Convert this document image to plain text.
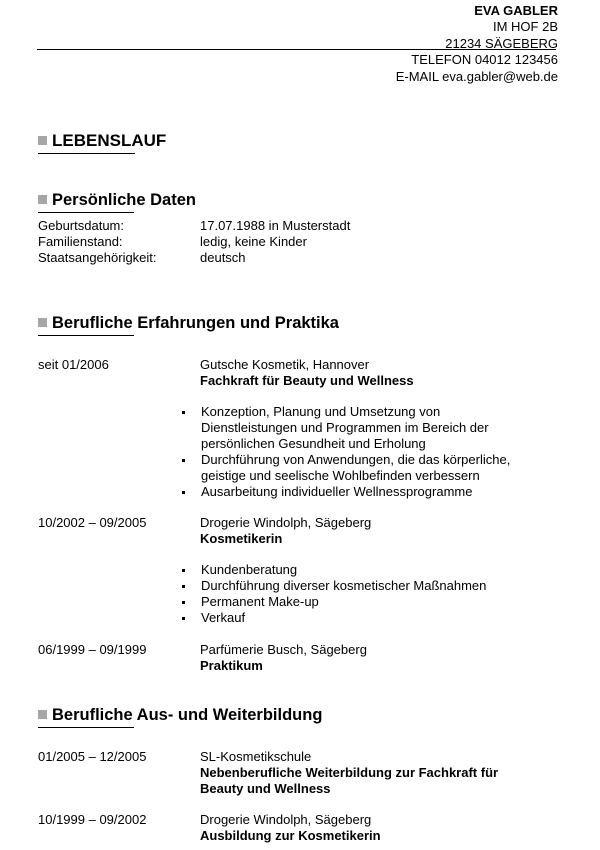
EVA GABLER
IM HOF 2B
21234 SÄGEBERG
TELEFON 04012 123456
E-MAIL eva.gabler@web.de
LEBENSLAUF
Persönliche Daten
Geburtsdatum:	17.07.1988 in Musterstadt
Familienstand:	ledig, keine Kinder
Staatsangehörigkeit:	deutsch
Berufliche Erfahrungen und Praktika
seit 01/2006	Gutsche Kosmetik, Hannover
Fachkraft für Beauty und Wellness
Konzeption, Planung und Umsetzung von Dienstleistungen und Programmen im Bereich der persönlichen Gesundheit und Erholung
Durchführung von Anwendungen, die das körperliche, geistige und seelische Wohlbefinden verbessern
Ausarbeitung individueller Wellnessprogramme
10/2002 – 09/2005	Drogerie Windolph, Sägeberg
Kosmetikerin
Kundenberatung
Durchführung diverser kosmetischer Maßnahmen
Permanent Make-up
Verkauf
06/1999 – 09/1999	Parfümerie Busch, Sägeberg
Praktikum
Berufliche Aus- und Weiterbildung
01/2005 – 12/2005	SL-Kosmetikschule
Nebenberufliche Weiterbildung zur Fachkraft für Beauty und Wellness
10/1999 – 09/2002	Drogerie Windolph, Sägeberg
Ausbildung zur Kosmetikerin
